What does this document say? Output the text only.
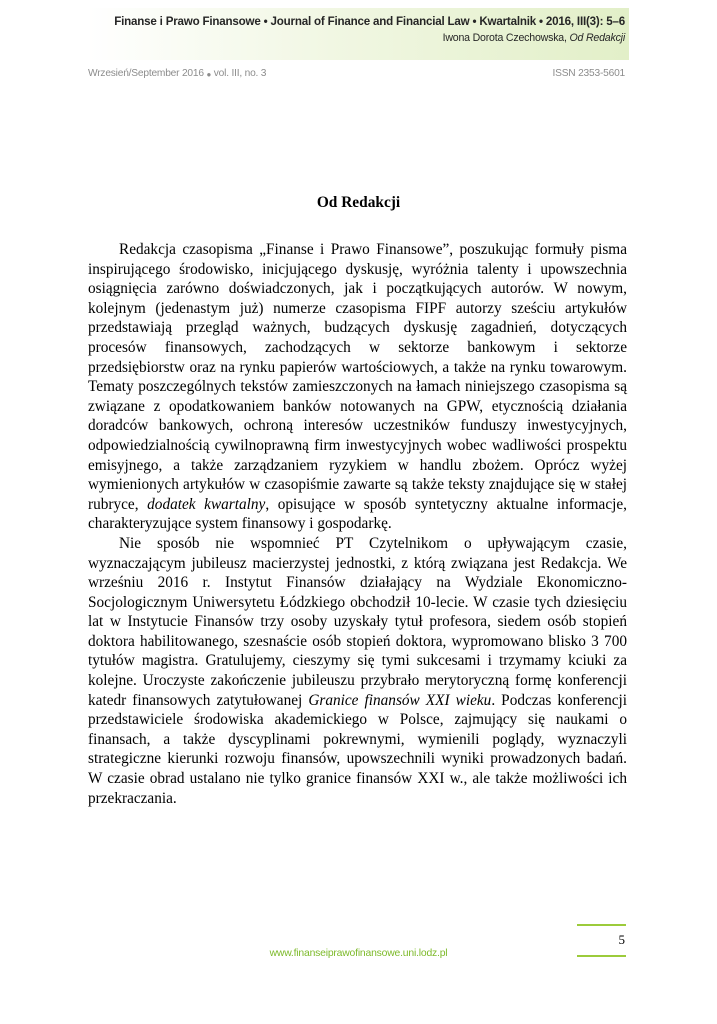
Finanse i Prawo Finansowe • Journal of Finance and Financial Law • Kwartalnik • 2016, III(3): 5–6
Iwona Dorota Czechowska, Od Redakcji
Wrzesień/September 2016 ● vol. III, no. 3	ISSN 2353-5601
Od Redakcji

Redakcja czasopisma „Finanse i Prawo Finansowe”, poszukując formuły pisma inspirującego środowisko, inicjującego dyskusję, wyróżnia talenty i upowszechnia osiągnięcia zarówno doświadczonych, jak i początkujących autorów. W nowym, kolejnym (jedenastym już) numerze czasopisma FIPF autorzy sześciu artykułów przedstawiają przegląd ważnych, budzących dyskusję zagadnień, dotyczących procesów finansowych, zachodzących w sektorze bankowym i sektorze przedsiębiorstw oraz na rynku papierów wartościowych, a także na rynku towarowym. Tematy poszczególnych tekstów zamieszczonych na łamach niniejszego czasopisma są związane z opodatkowaniem banków notowanych na GPW, etycznością działania doradców bankowych, ochroną interesów uczestników funduszy inwestycyjnych, odpowiedzialnością cywilnoprawną firm inwestycyjnych wobec wadliwości prospektu emisyjnego, a także zarządzaniem ryzykiem w handlu zbożem. Oprócz wyżej wymienionych artykułów w czasopiśmie zawarte są także teksty znajdujące się w stałej rubryce, dodatek kwartalny, opisujące w sposób syntetyczny aktualne informacje, charakteryzujące system finansowy i gospodarkę.

Nie sposób nie wspomnieć PT Czytelnikom o upływającym czasie, wyznaczającym jubileusz macierzystej jednostki, z którą związana jest Redakcja. We wrześniu 2016 r. Instytut Finansów działający na Wydziale Ekonomiczno-Socjologicznym Uniwersytetu Łódzkiego obchodził 10-lecie. W czasie tych dziesięciu lat w Instytucie Finansów trzy osoby uzyskały tytuł profesora, siedem osób stopień doktora habilitowanego, szesnaście osób stopień doktora, wypromowano blisko 3 700 tytułów magistra. Gratulujemy, cieszymy się tymi sukcesami i trzymamy kciuki za kolejne. Uroczyste zakończenie jubileuszu przybrało merytoryczną formę konferencji katedr finansowych zatytułowanej Granice finansów XXI wieku. Podczas konferencji przedstawiciele środowiska akademickiego w Polsce, zajmujący się naukami o finansach, a także dyscyplinami pokrewnymi, wymienili poglądy, wyznaczyli strategiczne kierunki rozwoju finansów, upowszechnili wyniki prowadzonych badań. W czasie obrad ustalano nie tylko granice finansów XXI w., ale także możliwości ich przekraczania.

5
www.finanseiprawofinansowe.uni.lodz.pl
